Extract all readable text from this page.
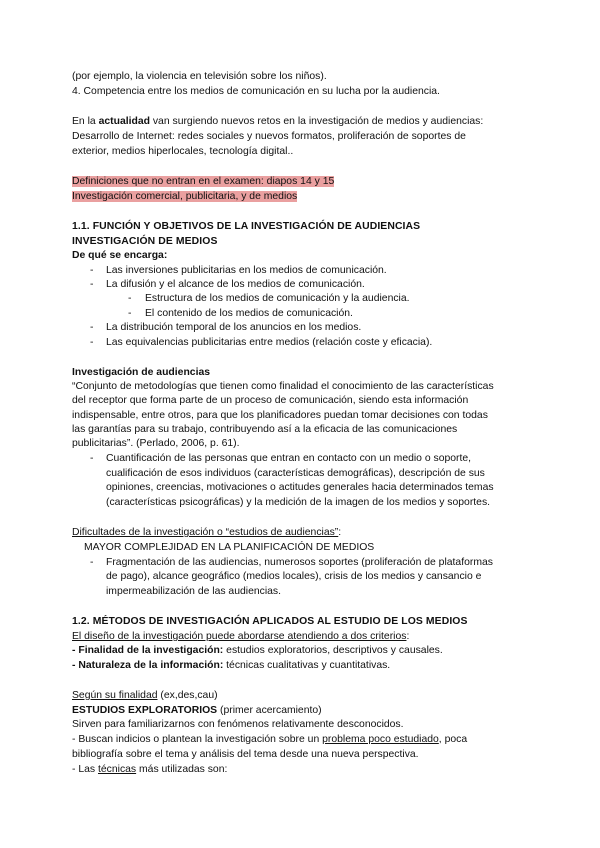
(por ejemplo, la violencia en televisión sobre los niños).
4. Competencia entre los medios de comunicación en su lucha por la audiencia.
En la actualidad van surgiendo nuevos retos en la investigación de medios y audiencias:
Desarrollo de Internet: redes sociales y nuevos formatos, proliferación de soportes de
exterior, medios hiperlocales, tecnología digital..
Definiciones que no entran en el examen: diapos 14 y 15
Investigación comercial, publicitaria, y de medios
1.1. FUNCIÓN Y OBJETIVOS DE LA INVESTIGACIÓN DE AUDIENCIAS
INVESTIGACIÓN DE MEDIOS
De qué se encarga:
- Las inversiones publicitarias en los medios de comunicación.
- La difusión y el alcance de los medios de comunicación.
- Estructura de los medios de comunicación y la audiencia.
- El contenido de los medios de comunicación.
- La distribución temporal de los anuncios en los medios.
- Las equivalencias publicitarias entre medios (relación coste y eficacia).
Investigación de audiencias
“Conjunto de metodologías que tienen como finalidad el conocimiento de las características
del receptor que forma parte de un proceso de comunicación, siendo esta información
indispensable, entre otros, para que los planificadores puedan tomar decisiones con todas
las garantías para su trabajo, contribuyendo así a la eficacia de las comunicaciones
publicitarias”. (Perlado, 2006, p. 61).
- Cuantificación de las personas que entran en contacto con un medio o soporte,
cualificación de esos individuos (características demográficas), descripción de sus
opiniones, creencias, motivaciones o actitudes generales hacia determinados temas
(características psicográficas) y la medición de la imagen de los medios y soportes.
Dificultades de la investigación o “estudios de audiencias”:
MAYOR COMPLEJIDAD EN LA PLANIFICACIÓN DE MEDIOS
- Fragmentación de las audiencias, numerosos soportes (proliferación de plataformas
de pago), alcance geográfico (medios locales), crisis de los medios y cansancio e
impermeabilización de las audiencias.
1.2. MÉTODOS DE INVESTIGACIÓN APLICADOS AL ESTUDIO DE LOS MEDIOS
El diseño de la investigación puede abordarse atendiendo a dos criterios:
- Finalidad de la investigación: estudios exploratorios, descriptivos y causales.
- Naturaleza de la información: técnicas cualitativas y cuantitativas.
Según su finalidad (ex,des,cau)
ESTUDIOS EXPLORATORIOS (primer acercamiento)
Sirven para familiarizarnos con fenómenos relativamente desconocidos.
- Buscan indicios o plantean la investigación sobre un problema poco estudiado, poca
bibliografía sobre el tema y análisis del tema desde una nueva perspectiva.
- Las técnicas más utilizadas son:
